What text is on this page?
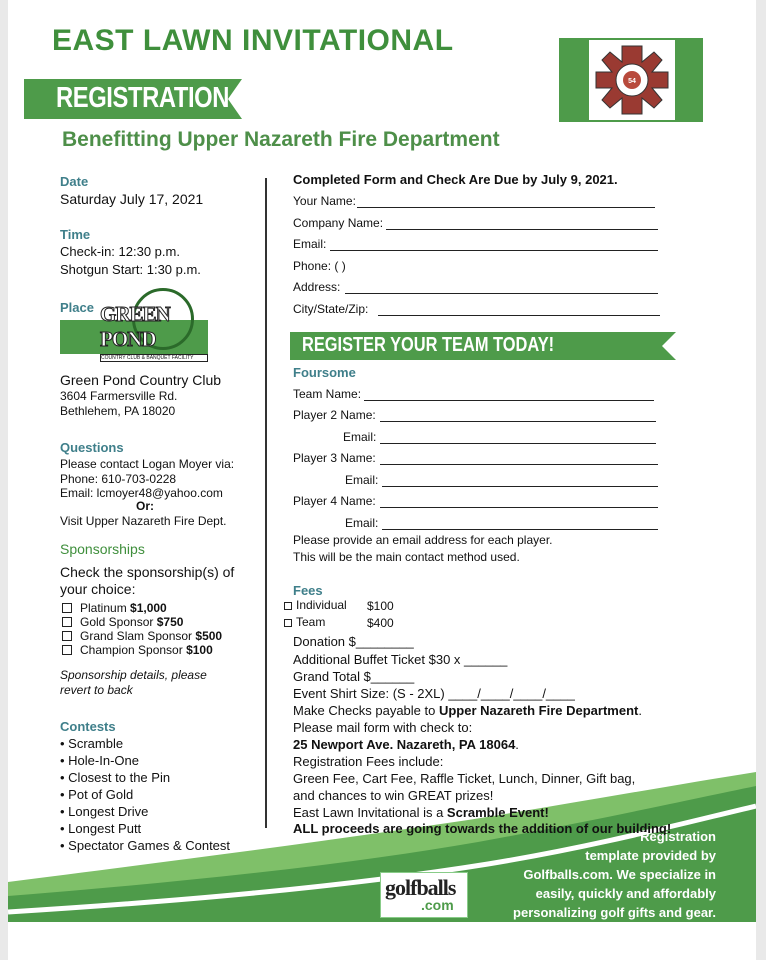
EAST LAWN INVITATIONAL
REGISTRATION
54
Benefitting Upper Nazareth Fire Department
Date
Saturday July 17, 2021
Time
Check-in: 12:30 p.m.
Shotgun Start: 1:30 p.m.
Place GREEN POND
COUNTRY CLUB & BANQUET FACILITY
Green Pond Country Club
3604 Farmersville Rd.
Bethlehem, PA 18020
Questions
Please contact Logan Moyer via:
Phone: 610-703-0228
Email: lcmoyer48@yahoo.com
Or:
Visit Upper Nazareth Fire Dept.
Sponsorships
Check the sponsorship(s) of your choice:
Platinum $1,000
Gold Sponsor $750
Grand Slam Sponsor $500
Champion Sponsor $100
Sponsorship details, please revert to back
Contests
• Scramble
• Hole-In-One
• Closest to the Pin
• Pot of Gold
• Longest Drive
• Longest Putt
• Spectator Games & Contest
Completed Form and Check Are Due by July 9, 2021.
Your Name:
Company Name:
Email:
Phone: ( )
Address:
City/State/Zip:
REGISTER YOUR TEAM TODAY!
Foursome
Team Name:
Player 2 Name:
Email:
Player 3 Name:
Email:
Player 4 Name:
Email:
Please provide an email address for each player.
This will be the main contact method used.
Fees
Individual $100
Team	$400
Donation $________
Additional Buffet Ticket $30 x ______
Grand Total $______
Event Shirt Size: (S - 2XL) ____/____/____/____
Make Checks payable to Upper Nazareth Fire Department.
Please mail form with check to:
25 Newport Ave. Nazareth, PA 18064.
Registration Fees include:
Green Fee, Cart Fee, Raffle Ticket, Lunch, Dinner, Gift bag,
and chances to win GREAT prizes!
East Lawn Invitational is a Scramble Event!
ALL proceeds are going towards the addition of our building!
golfballs
.com
Registration
template provided by
Golfballs.com. We specialize in
easily, quickly and affordably
personalizing golf gifts and gear.
